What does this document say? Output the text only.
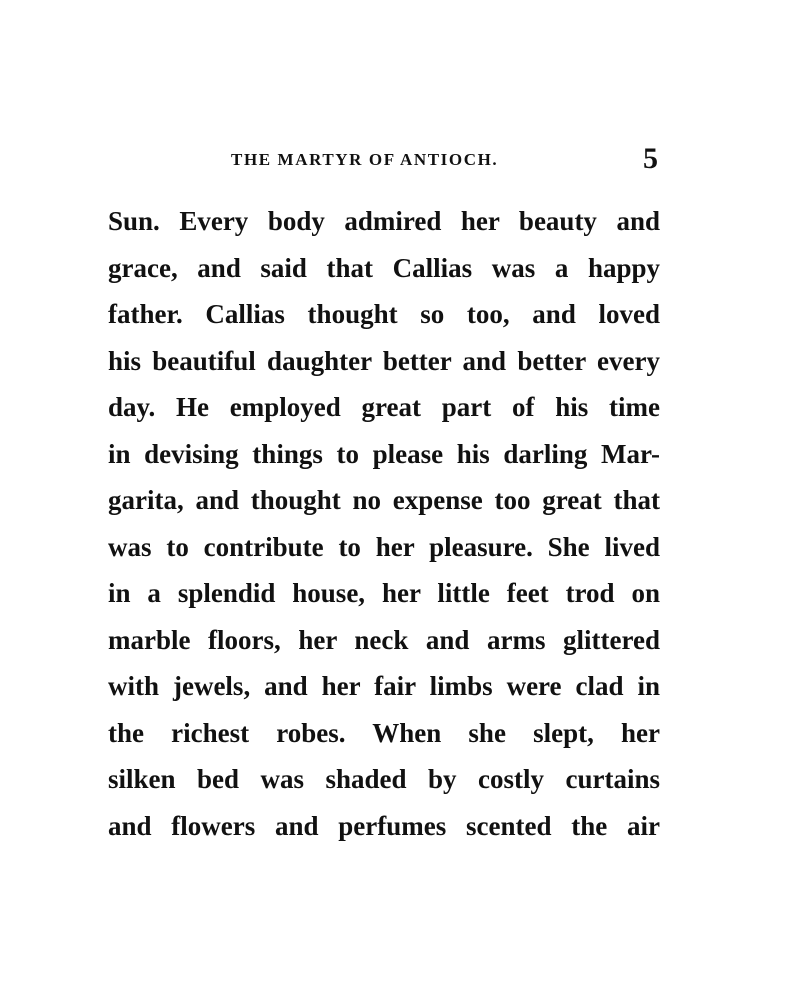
THE MARTYR OF ANTIOCH.	5
Sun. Every body admired her beauty and
grace, and said that Callias was a happy
father. Callias thought so too, and loved
his beautiful daughter better and better every
day. He employed great part of his time
in devising things to please his darling Mar-
garita, and thought no expense too great that
was to contribute to her pleasure. She lived
in a splendid house, her little feet trod on
marble floors, her neck and arms glittered
with jewels, and her fair limbs were clad in
the richest robes. When she slept, her
silken bed was shaded by costly curtains
and flowers and perfumes scented the air
